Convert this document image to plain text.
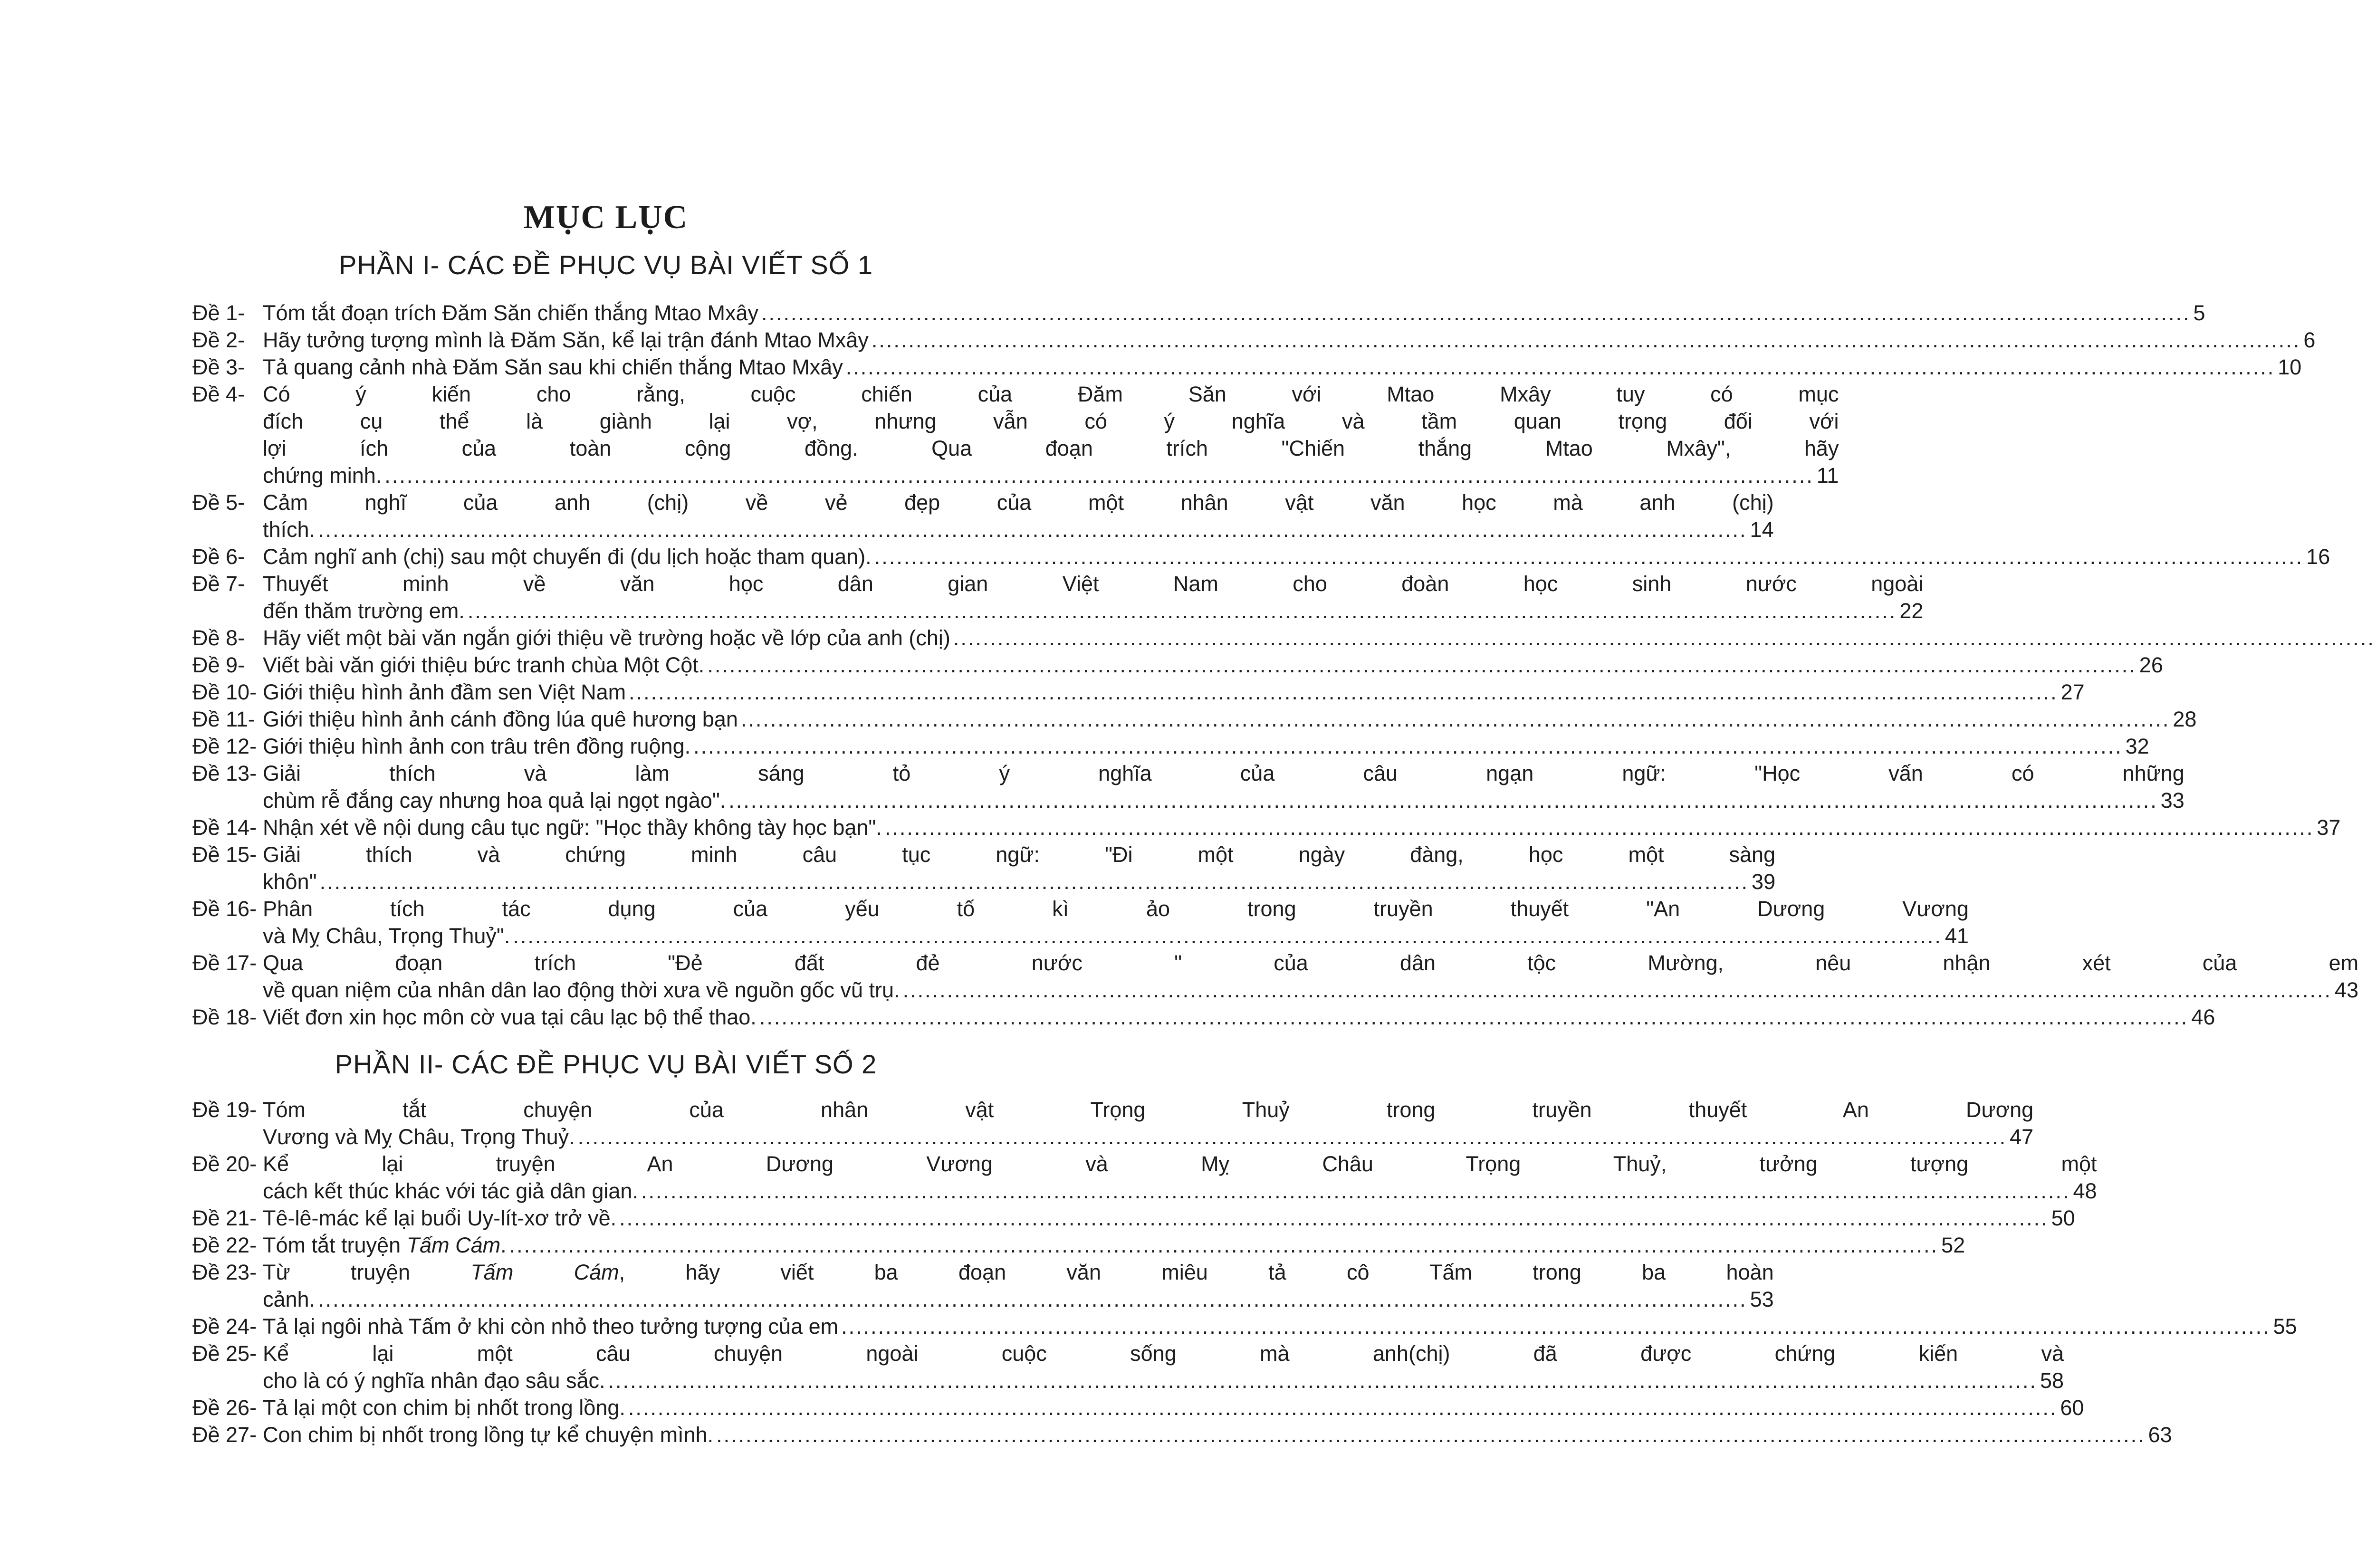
MỤC LỤC
PHẦN I- CÁC ĐỀ PHỤC VỤ BÀI VIẾT SỐ 1
Đề 1- Tóm tắt đoạn trích Đăm Săn chiến thắng Mtao Mxây .....	5
Đề 2- Hãy tưởng tượng mình là Đăm Săn, kể lại trận đánh Mtao Mxây .....	6
Đề 3- Tả quang cảnh nhà Đăm Săn sau khi chiến thắng Mtao Mxây .....	10
Đề 4- Có ý kiến cho rằng, cuộc chiến của Đăm Săn với Mtao Mxây tuy có mục
đích cụ thể là giành lại vợ, nhưng vẫn có ý nghĩa và tầm quan trọng đối với
lợi ích của toàn cộng đồng. Qua đoạn trích "Chiến thắng Mtao Mxây", hãy
chứng minh. .....	11
Đề 5- Cảm nghĩ của anh (chị) về vẻ đẹp của một nhân vật văn học mà anh (chị)
thích. .....	14
Đề 6- Cảm nghĩ anh (chị) sau một chuyến đi (du lịch hoặc tham quan). .....	16
Đề 7- Thuyết minh về văn học dân gian Việt Nam cho đoàn học sinh nước ngoài
đến thăm trường em. .....	22
Đề 8- Hãy viết một bài văn ngắn giới thiệu về trường hoặc về lớp của anh (chị)
.....
Đề 9- Viết bài văn giới thiệu bức tranh chùa Một Cột. .....	26
Đề 10- Giới thiệu hình ảnh đầm sen Việt Nam .....	27
Đề 11- Giới thiệu hình ảnh cánh đồng lúa quê hương bạn .....	28
Đề 12- Giới thiệu hình ảnh con trâu trên đồng ruộng. .....	32
Đề 13- Giải thích và làm sáng tỏ ý nghĩa của câu ngạn ngữ: "Học vấn có những
chùm rễ đắng cay nhưng hoa quả lại ngọt ngào". .....	33
Đề 14- Nhận xét về nội dung câu tục ngữ: "Học thầy không tày học bạn". .....	37
Đề 15- Giải thích và chứng minh câu tục ngữ: "Đi một ngày đàng, học một sàng
khôn" .....	39
Đề 16- Phân tích tác dụng của yếu tố kì ảo trong truyền thuyết "An Dương Vương
và Mỵ Châu, Trọng Thuỷ". .....	41
Đề 17- Qua đoạn trích "Đẻ đất đẻ nước " của dân tộc Mường, nêu nhận xét của em
về quan niệm của nhân dân lao động thời xưa về nguồn gốc vũ trụ. .....	43
Đề 18- Viết đơn xin học môn cờ vua tại câu lạc bộ thể thao. .....	46
PHẦN II- CÁC ĐỀ PHỤC VỤ BÀI VIẾT SỐ 2
Đề 19- Tóm tắt chuyện của nhân vật Trọng Thuỷ trong truyền thuyết An Dương
Vương và Mỵ Châu, Trọng Thuỷ. .....	47
Đề 20- Kể lại truyện An Dương Vương và Mỵ Châu Trọng Thuỷ, tưởng tượng một
cách kết thúc khác với tác giả dân gian. .....	48
Đề 21- Tê-lê-mác kể lại buổi Uy-lít-xơ trở về. .....	50
Đề 22- Tóm tắt truyện Tấm Cám. .....	52
Đề 23- Từ truyện Tấm Cám, hãy viết ba đoạn văn miêu tả cô Tấm trong ba hoàn
cảnh. .....	53
Đề 24- Tả lại ngôi nhà Tấm ở khi còn nhỏ theo tưởng tượng của em .....	55
Đề 25- Kể lại một câu chuyện ngoài cuộc sống mà anh(chị) đã được chứng kiến và
cho là có ý nghĩa nhân đạo sâu sắc. .....	58
Đề 26- Tả lại một con chim bị nhốt trong lồng. .....	60
Đề 27- Con chim bị nhốt trong lồng tự kể chuyện mình. .....	63
